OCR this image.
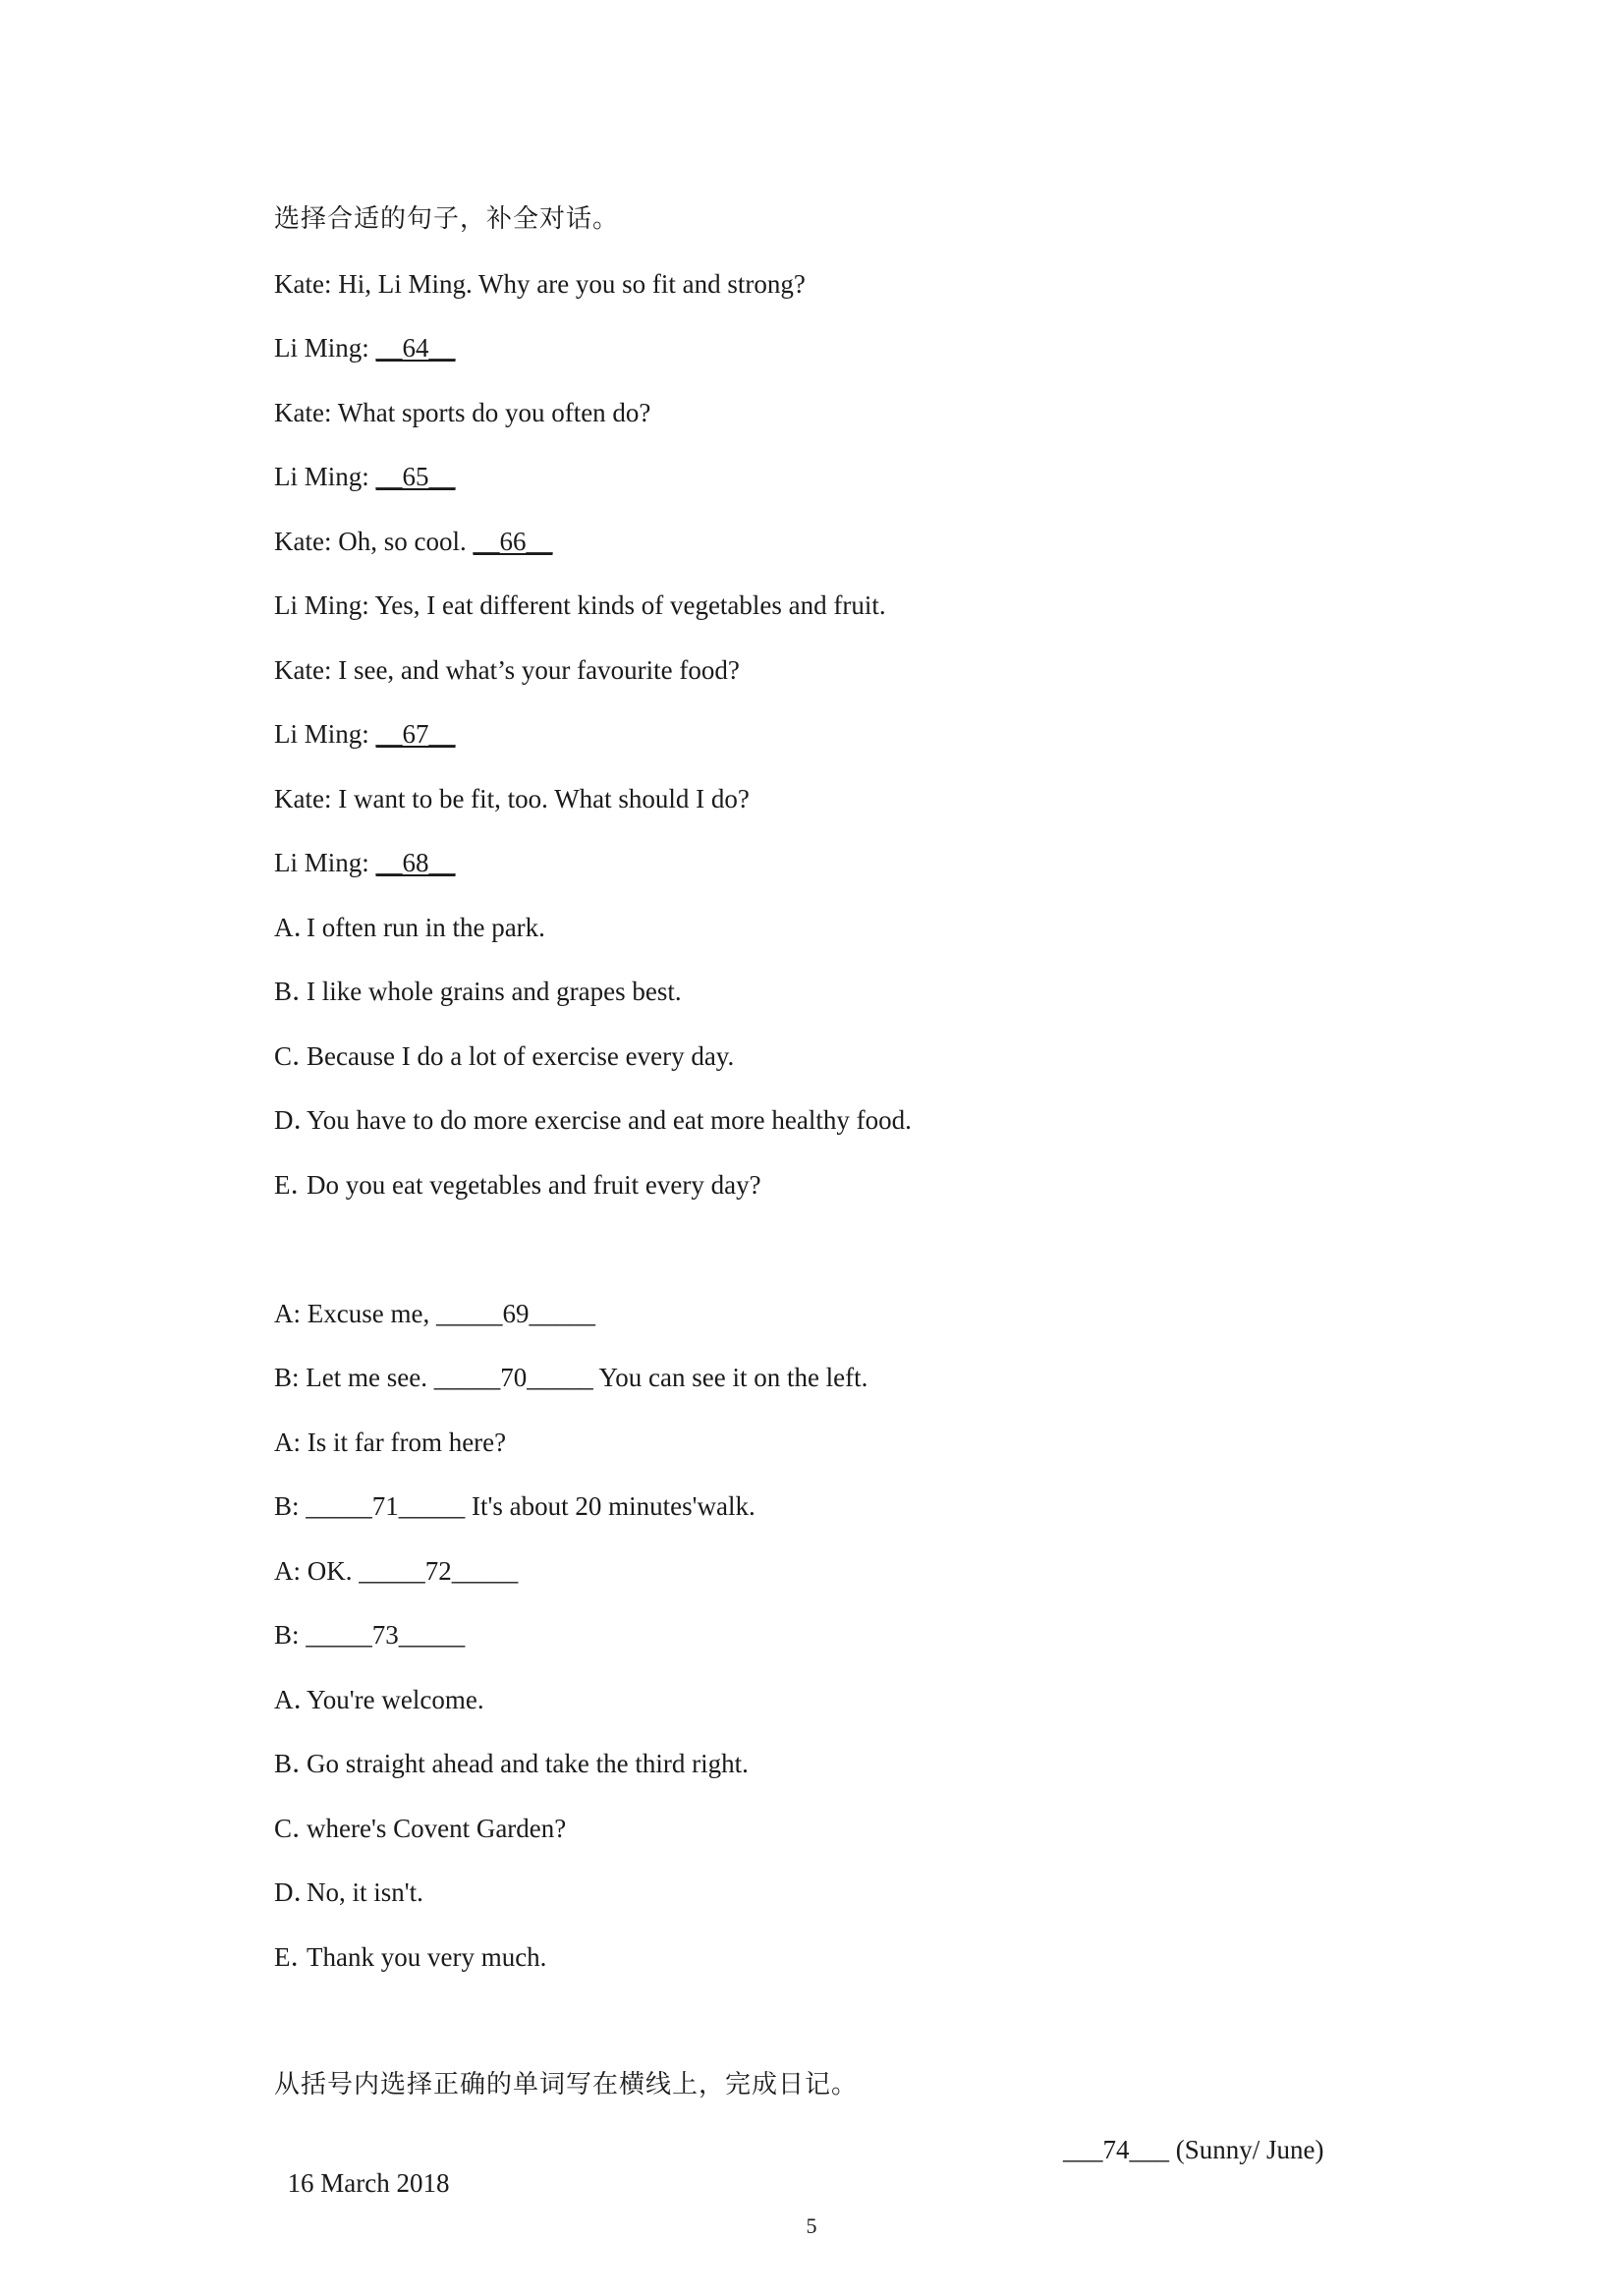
选择合适的句子，补全对话。
Kate: Hi, Li Ming. Why are you so fit and strong?
Li Ming: __64__
Kate: What sports do you often do?
Li Ming: __65__
Kate: Oh, so cool. __66__
Li Ming: Yes, I eat different kinds of vegetables and fruit.
Kate: I see, and what’s your favourite food?
Li Ming: __67__
Kate: I want to be fit, too. What should I do?
Li Ming: __68__
A．I often run in the park.
B．I like whole grains and grapes best.
C．Because I do a lot of exercise every day.
D．You have to do more exercise and eat more healthy food.
E．Do you eat vegetables and fruit every day?
A: Excuse me, _____69_____
B: Let me see. _____70_____ You can see it on the left.
A: Is it far from here?
B: _____71_____ It's about 20 minutes'walk.
A: OK. _____72_____
B: _____73_____
A．You're welcome.
B．Go straight ahead and take the third right.
C．where's Covent Garden?
D．No, it isn't.
E．Thank you very much.
从括号内选择正确的单词写在横线上，完成日记。

16 March 2018

___74___ (Sunny/ June)

5
